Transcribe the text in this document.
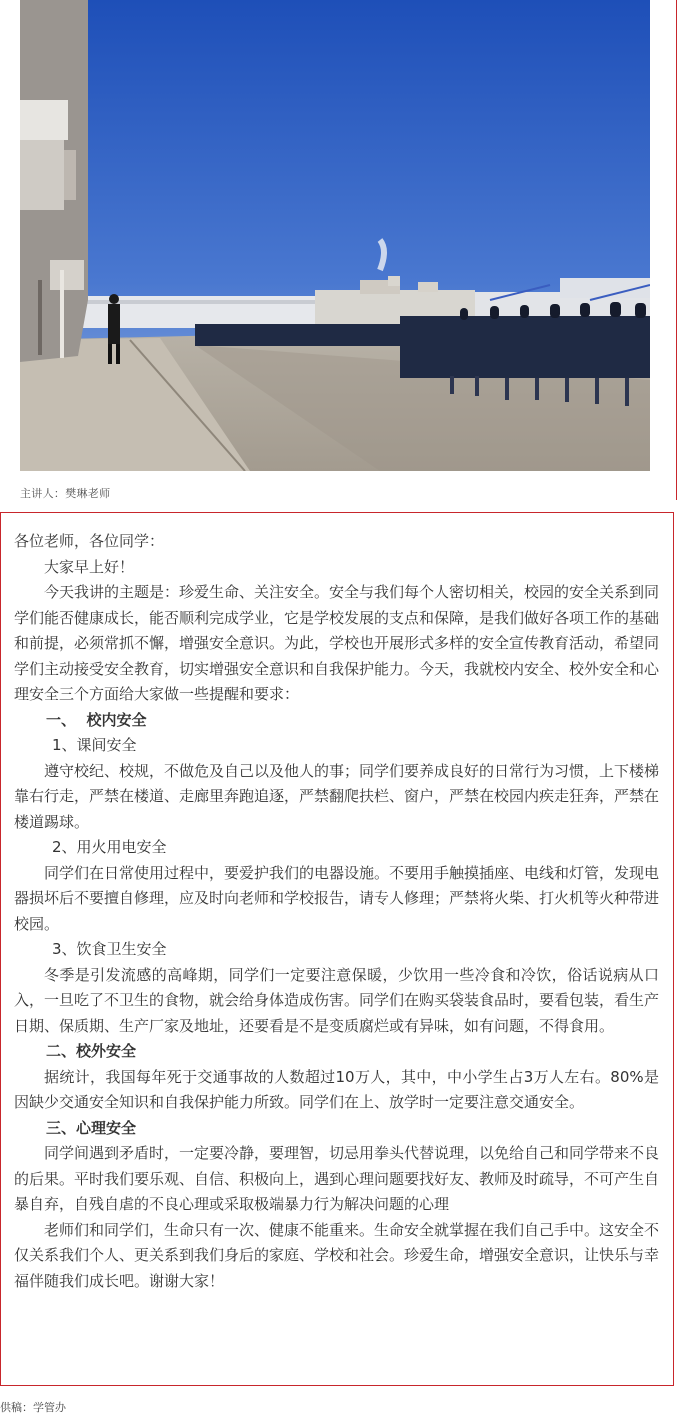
主讲人：樊琳老师

各位老师，各位同学：

大家早上好！

今天我讲的主题是：珍爱生命、关注安全。安全与我们每个人密切相关，校园的安全关系到同学们能否健康成长，能否顺利完成学业，它是学校发展的支点和保障，是我们做好各项工作的基础和前提，必须常抓不懈，增强安全意识。为此，学校也开展形式多样的安全宣传教育活动，希望同学们主动接受安全教育，切实增强安全意识和自我保护能力。今天，我就校内安全、校外安全和心理安全三个方面给大家做一些提醒和要求：

一、  校内安全

1、课间安全

遵守校纪、校规，不做危及自己以及他人的事；同学们要养成良好的日常行为习惯，上下楼梯靠右行走，严禁在楼道、走廊里奔跑追逐，严禁翻爬扶栏、窗户，严禁在校园内疾走狂奔，严禁在楼道踢球。

2、用火用电安全

同学们在日常使用过程中，要爱护我们的电器设施。不要用手触摸插座、电线和灯管，发现电器损坏后不要擅自修理，应及时向老师和学校报告，请专人修理；严禁将火柴、打火机等火种带进校园。

3、饮食卫生安全

冬季是引发流感的高峰期，同学们一定要注意保暖，少饮用一些冷食和冷饮，俗话说病从口入，一旦吃了不卫生的食物，就会给身体造成伤害。同学们在购买袋装食品时，要看包装，看生产日期、保质期、生产厂家及地址，还要看是不是变质腐烂或有异味，如有问题，不得食用。

二、校外安全

据统计，我国每年死于交通事故的人数超过10万人，其中，中小学生占3万人左右。80%是因缺少交通安全知识和自我保护能力所致。同学们在上、放学时一定要注意交通安全。

三、心理安全

同学间遇到矛盾时，一定要冷静，要理智，切忌用拳头代替说理，以免给自己和同学带来不良的后果。平时我们要乐观、自信、积极向上，遇到心理问题要找好友、教师及时疏导，不可产生自暴自弃，自残自虐的不良心理或采取极端暴力行为解决问题的心理

老师们和同学们，生命只有一次、健康不能重来。生命安全就掌握在我们自己手中。这安全不仅关系我们个人、更关系到我们身后的家庭、学校和社会。珍爱生命，增强安全意识，让快乐与幸福伴随我们成长吧。谢谢大家！

供稿：学管办
